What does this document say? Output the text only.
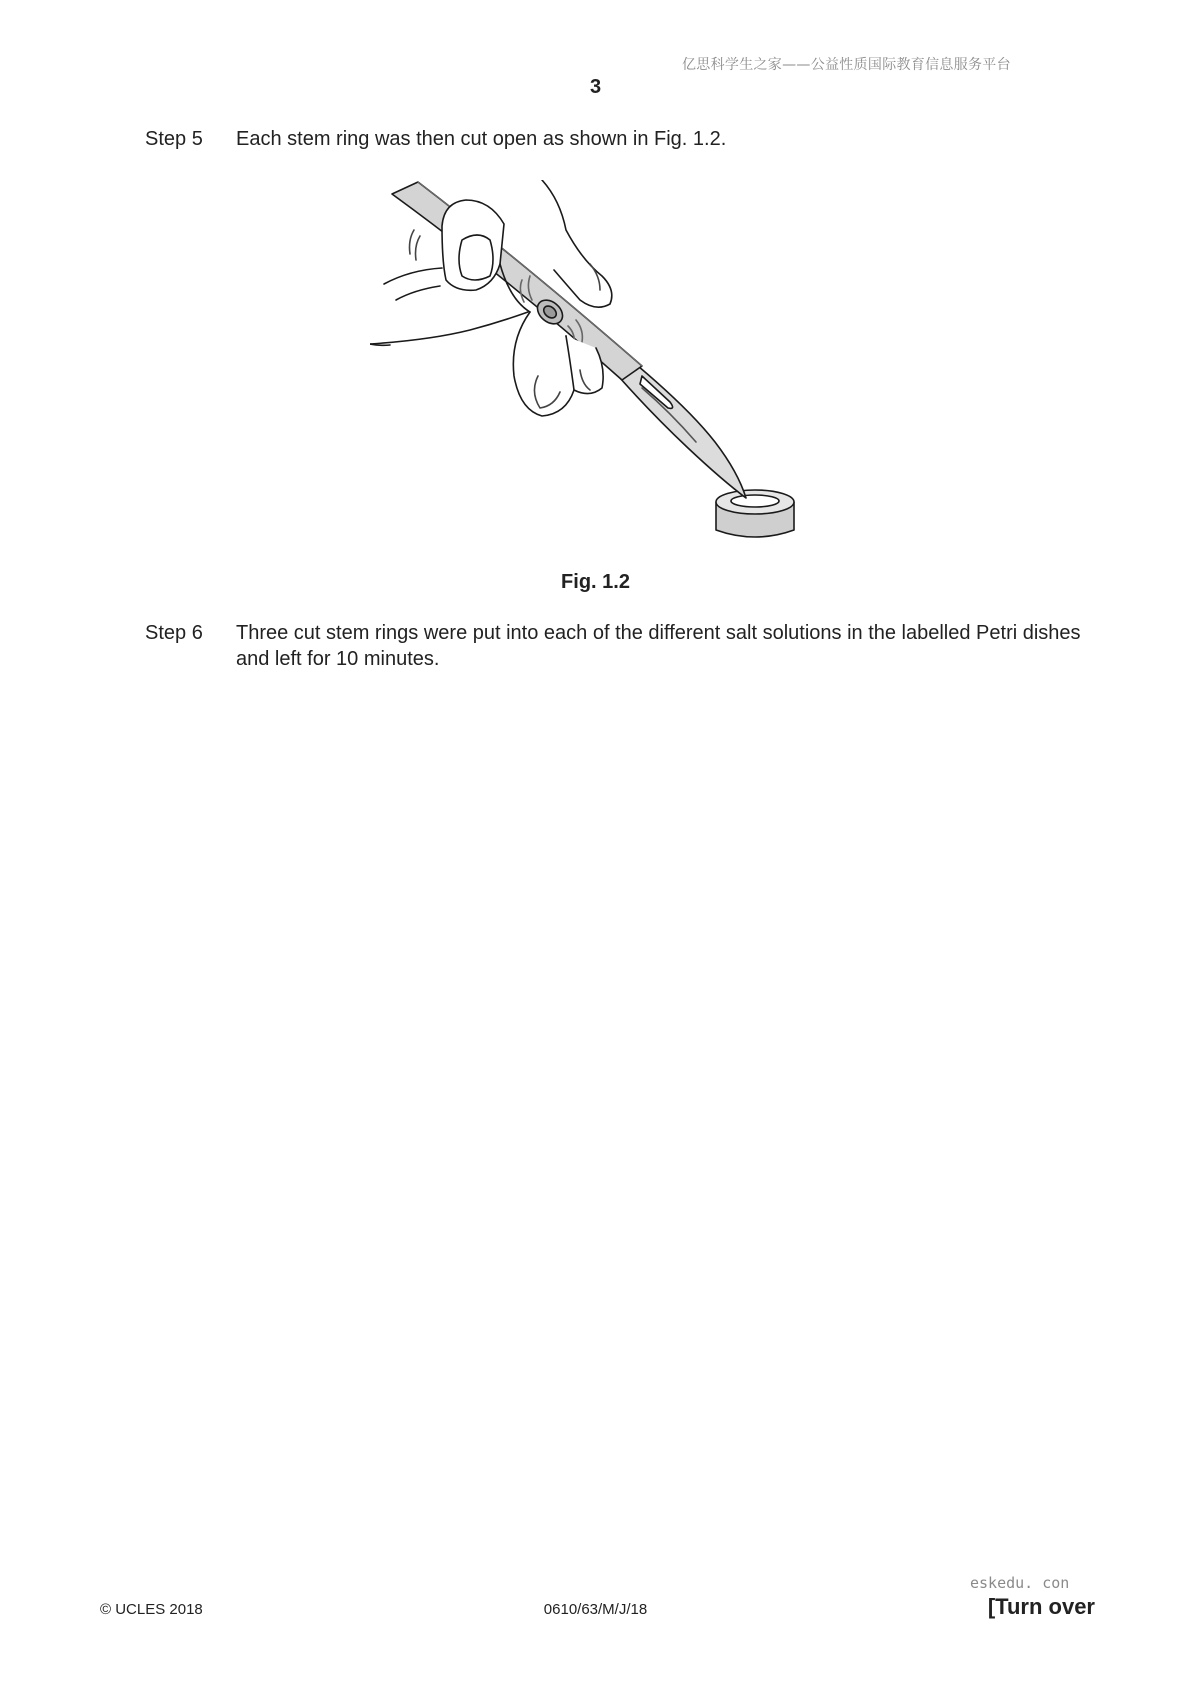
亿思科学生之家——公益性质国际教育信息服务平台
3
Step 5	Each stem ring was then cut open as shown in Fig. 1.2.
Fig. 1.2
Step 6	Three cut stem rings were put into each of the different salt solutions in the labelled Petri dishes and left for 10 minutes.
© UCLES 2018	0610/63/M/J/18
eskedu. con
[Turn over
